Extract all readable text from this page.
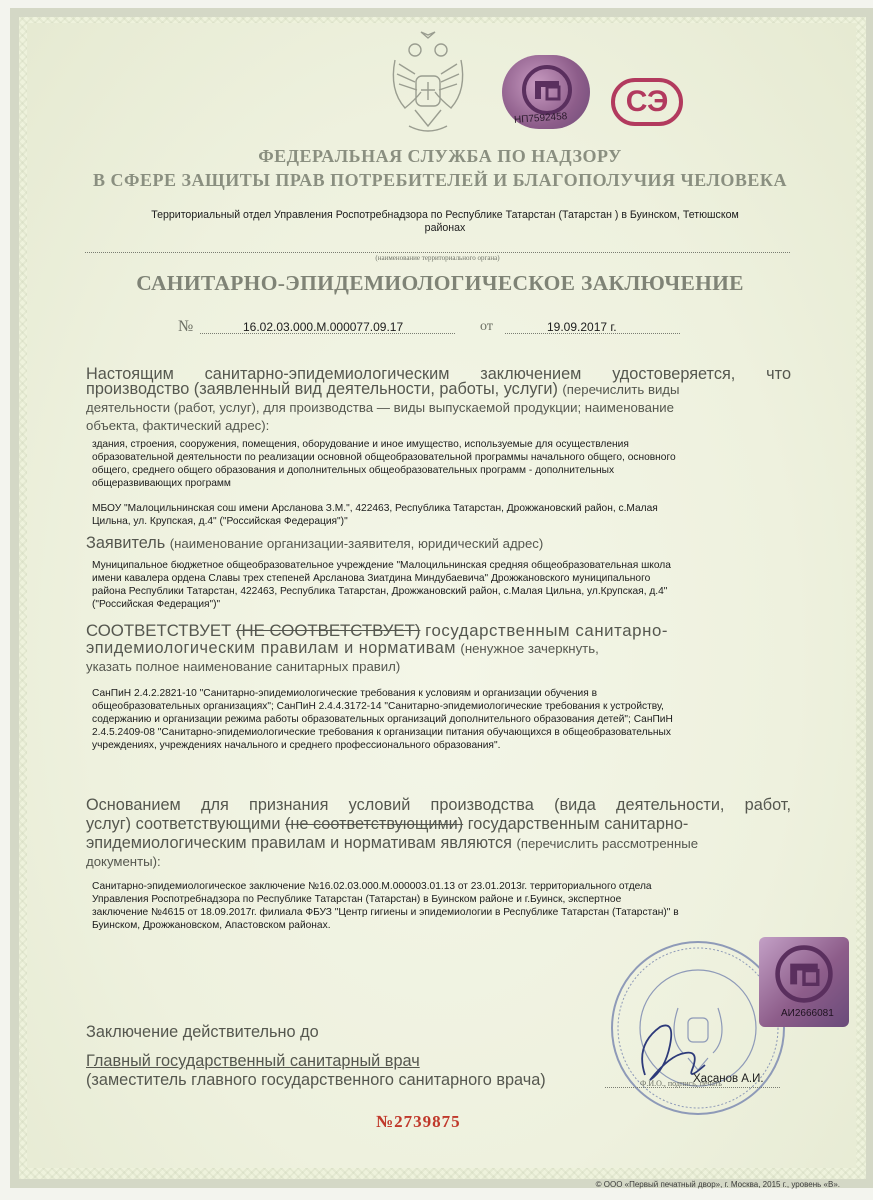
НП7592458
СЭ
ФЕДЕРАЛЬНАЯ СЛУЖБА ПО НАДЗОРУ
В СФЕРЕ ЗАЩИТЫ ПРАВ ПОТРЕБИТЕЛЕЙ И БЛАГОПОЛУЧИЯ ЧЕЛОВЕКА
Территориальный отдел Управления Роспотребнадзора по Республике Татарстан (Татарстан ) в Буинском, Тетюшском
районах
(наименование территориального органа)
САНИТАРНО-ЭПИДЕМИОЛОГИЧЕСКОЕ ЗАКЛЮЧЕНИЕ
№	16.02.03.000.М.000077.09.17	от	19.09.2017 г.
Настоящим санитарно-эпидемиологическим заключением удостоверяется, что
производство (заявленный вид деятельности, работы, услуги) (перечислить виды
деятельности (работ, услуг), для производства — виды выпускаемой продукции; наименование
объекта, фактический адрес):
здания, строения, сооружения, помещения, оборудование и иное имущество, используемые для осуществления
образовательной деятельности по реализации основной общеобразовательной программы начального общего, основного
общего, среднего общего образования и дополнительных общеобразовательных программ - дополнительных
общеразвивающих программ
МБОУ "Малоцильнинская сош имени Арсланова З.М.", 422463, Республика Татарстан, Дрожжановский район, с.Малая
Цильна, ул. Крупская, д.4" ("Российская Федерация")"
Заявитель (наименование организации-заявителя, юридический адрес)
Муниципальное бюджетное общеобразовательное учреждение "Малоцильнинская средняя общеобразовательная школа
имени кавалера ордена Славы трех степеней Арсланова Зиатдина Миндубаевича" Дрожжановского муниципального
района Республики Татарстан, 422463, Республика Татарстан, Дрожжановский район, с.Малая Цильна, ул.Крупская, д.4"
("Российская Федерация")"
СООТВЕТСТВУЕТ (НЕ СООТВЕТСТВУЕТ) государственным санитарно-
эпидемиологическим правилам и нормативам (ненужное зачеркнуть,
указать полное наименование санитарных правил)
СанПиН 2.4.2.2821-10 "Санитарно-эпидемиологические требования к условиям и организации обучения в
общеобразовательных организациях"; СанПиН 2.4.4.3172-14 "Санитарно-эпидемиологические требования к устройству,
содержанию и организации режима работы образовательных организаций дополнительного образования детей"; СанПиН
2.4.5.2409-08 "Санитарно-эпидемиологические требования к организации питания обучающихся в общеобразовательных
учреждениях, учреждениях начального и среднего профессионального образования".
Основанием для признания условий производства (вида деятельности, работ,
услуг) соответствующими (не соответствующими) государственным санитарно-
эпидемиологическим правилам и нормативам являются (перечислить рассмотренные
документы):
Санитарно-эпидемиологическое заключение №16.02.03.000.М.000003.01.13 от 23.01.2013г. территориального отдела
Управления Роспотребнадзора по Республике Татарстан (Татарстан) в Буинском районе и г.Буинск, экспертное
заключение №4615 от 18.09.2017г. филиала ФБУЗ "Центр гигиены и эпидемиологии в Республике Татарстан (Татарстан)" в
Буинском, Дрожжановском, Апастовском районах.
АИ2666081
Заключение действительно до
Главный государственный санитарный врач
(заместитель главного государственного санитарного врача)	Хасанов А.И.
Ф.И.О., подпись, печать
№2739875
© ООО «Первый печатный двор», г. Москва, 2015 г., уровень «В».
